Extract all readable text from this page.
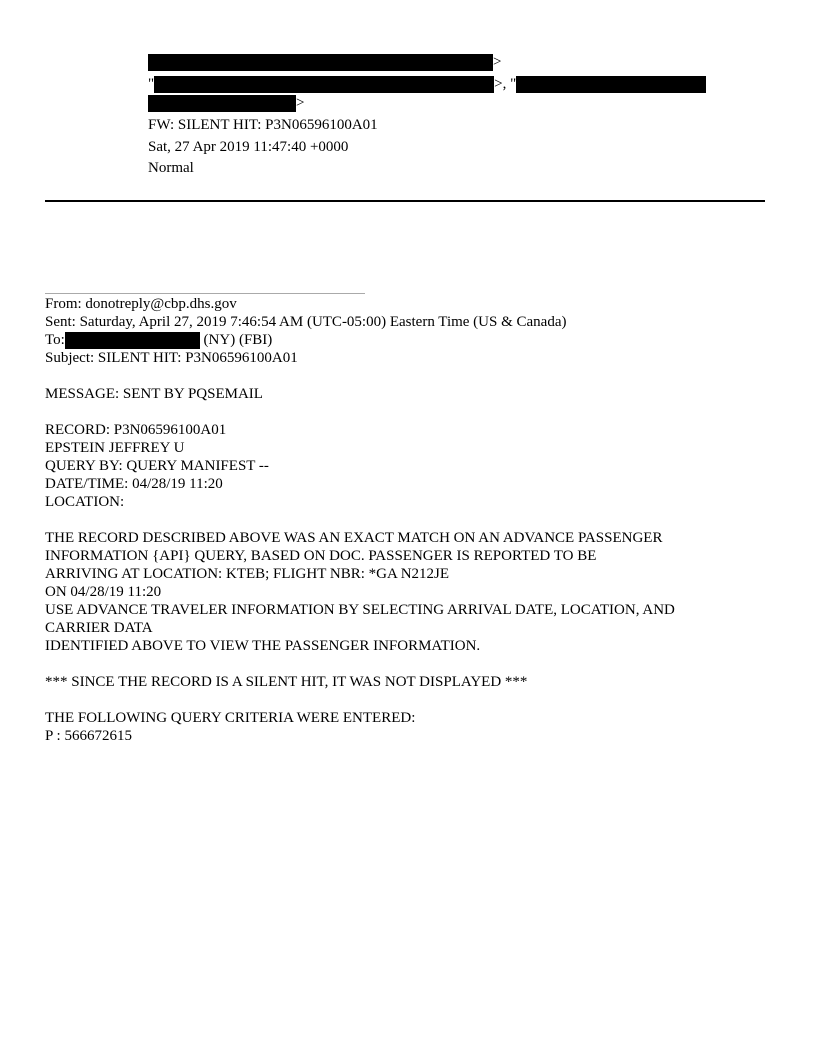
>
"	>, "
>
FW: SILENT HIT: P3N06596100A01
Sat, 27 Apr 2019 11:47:40 +0000
Normal
From: donotreply@cbp.dhs.gov
Sent: Saturday, April 27, 2019 7:46:54 AM (UTC-05:00) Eastern Time (US & Canada)
To:	(NY) (FBI)
Subject: SILENT HIT: P3N06596100A01
MESSAGE: SENT BY PQSEMAIL
RECORD: P3N06596100A01
EPSTEIN JEFFREY U
QUERY BY: QUERY MANIFEST --
DATE/TIME: 04/28/19 11:20
LOCATION:
THE RECORD DESCRIBED ABOVE WAS AN EXACT MATCH ON AN ADVANCE PASSENGER
INFORMATION {API} QUERY, BASED ON DOC. PASSENGER IS REPORTED TO BE
ARRIVING AT LOCATION: KTEB; FLIGHT NBR: *GA N212JE
ON 04/28/19 11:20
USE ADVANCE TRAVELER INFORMATION BY SELECTING ARRIVAL DATE, LOCATION, AND
CARRIER DATA
IDENTIFIED ABOVE TO VIEW THE PASSENGER INFORMATION.
*** SINCE THE RECORD IS A SILENT HIT, IT WAS NOT DISPLAYED ***
THE FOLLOWING QUERY CRITERIA WERE ENTERED:
P : 566672615
